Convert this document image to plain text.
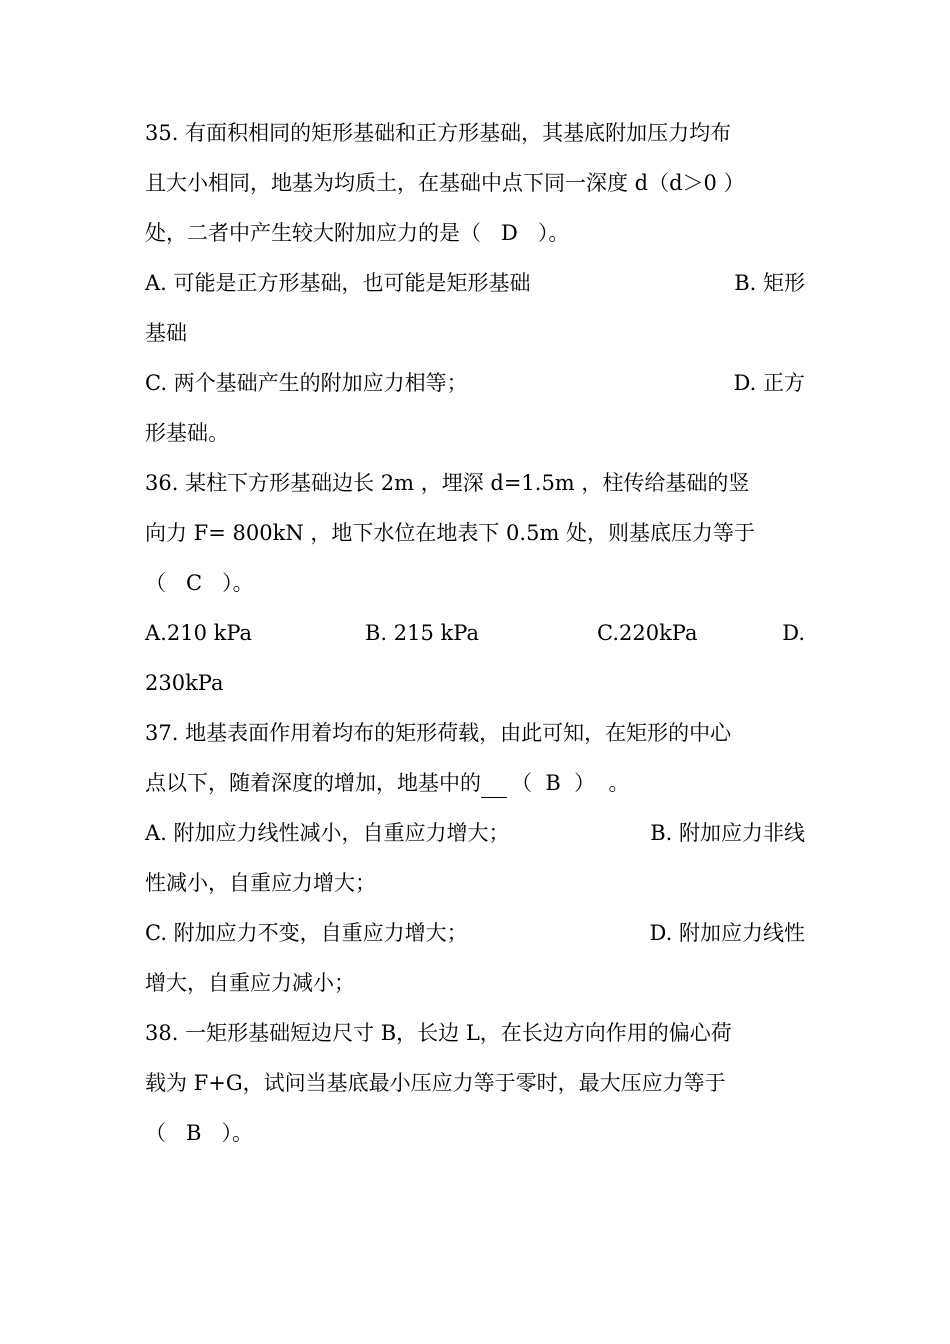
35. 有面积相同的矩形基础和正方形基础，其基底附加压力均布
且大小相同，地基为均质土，在基础中点下同一深度 d（d＞0 ）
处，二者中产生较大附加应力的是（   D   ）。
A. 可能是正方形基础，也可能是矩形基础	B. 矩形
基础
C. 两个基础产生的附加应力相等；	D. 正方
形基础。
36. 某柱下方形基础边长 2m ，埋深 d=1.5m ，柱传给基础的竖
向力 F= 800kN ，地下水位在地表下 0.5m 处，则基底压力等于
（   C   ）。
A.210 kPa	B. 215 kPa	C.220kPa	D.
230kPa
37. 地基表面作用着均布的矩形荷载，由此可知，在矩形的中心
点以下，随着深度的增加，地基中的 （  B  ）  。
A. 附加应力线性减小，自重应力增大；	B. 附加应力非线
性减小，自重应力增大；
C. 附加应力不变，自重应力增大；	D. 附加应力线性
增大，自重应力减小；
38. 一矩形基础短边尺寸 B，长边 L，在长边方向作用的偏心荷
载为 F+G，试问当基底最小压应力等于零时，最大压应力等于
（   B   ）。
